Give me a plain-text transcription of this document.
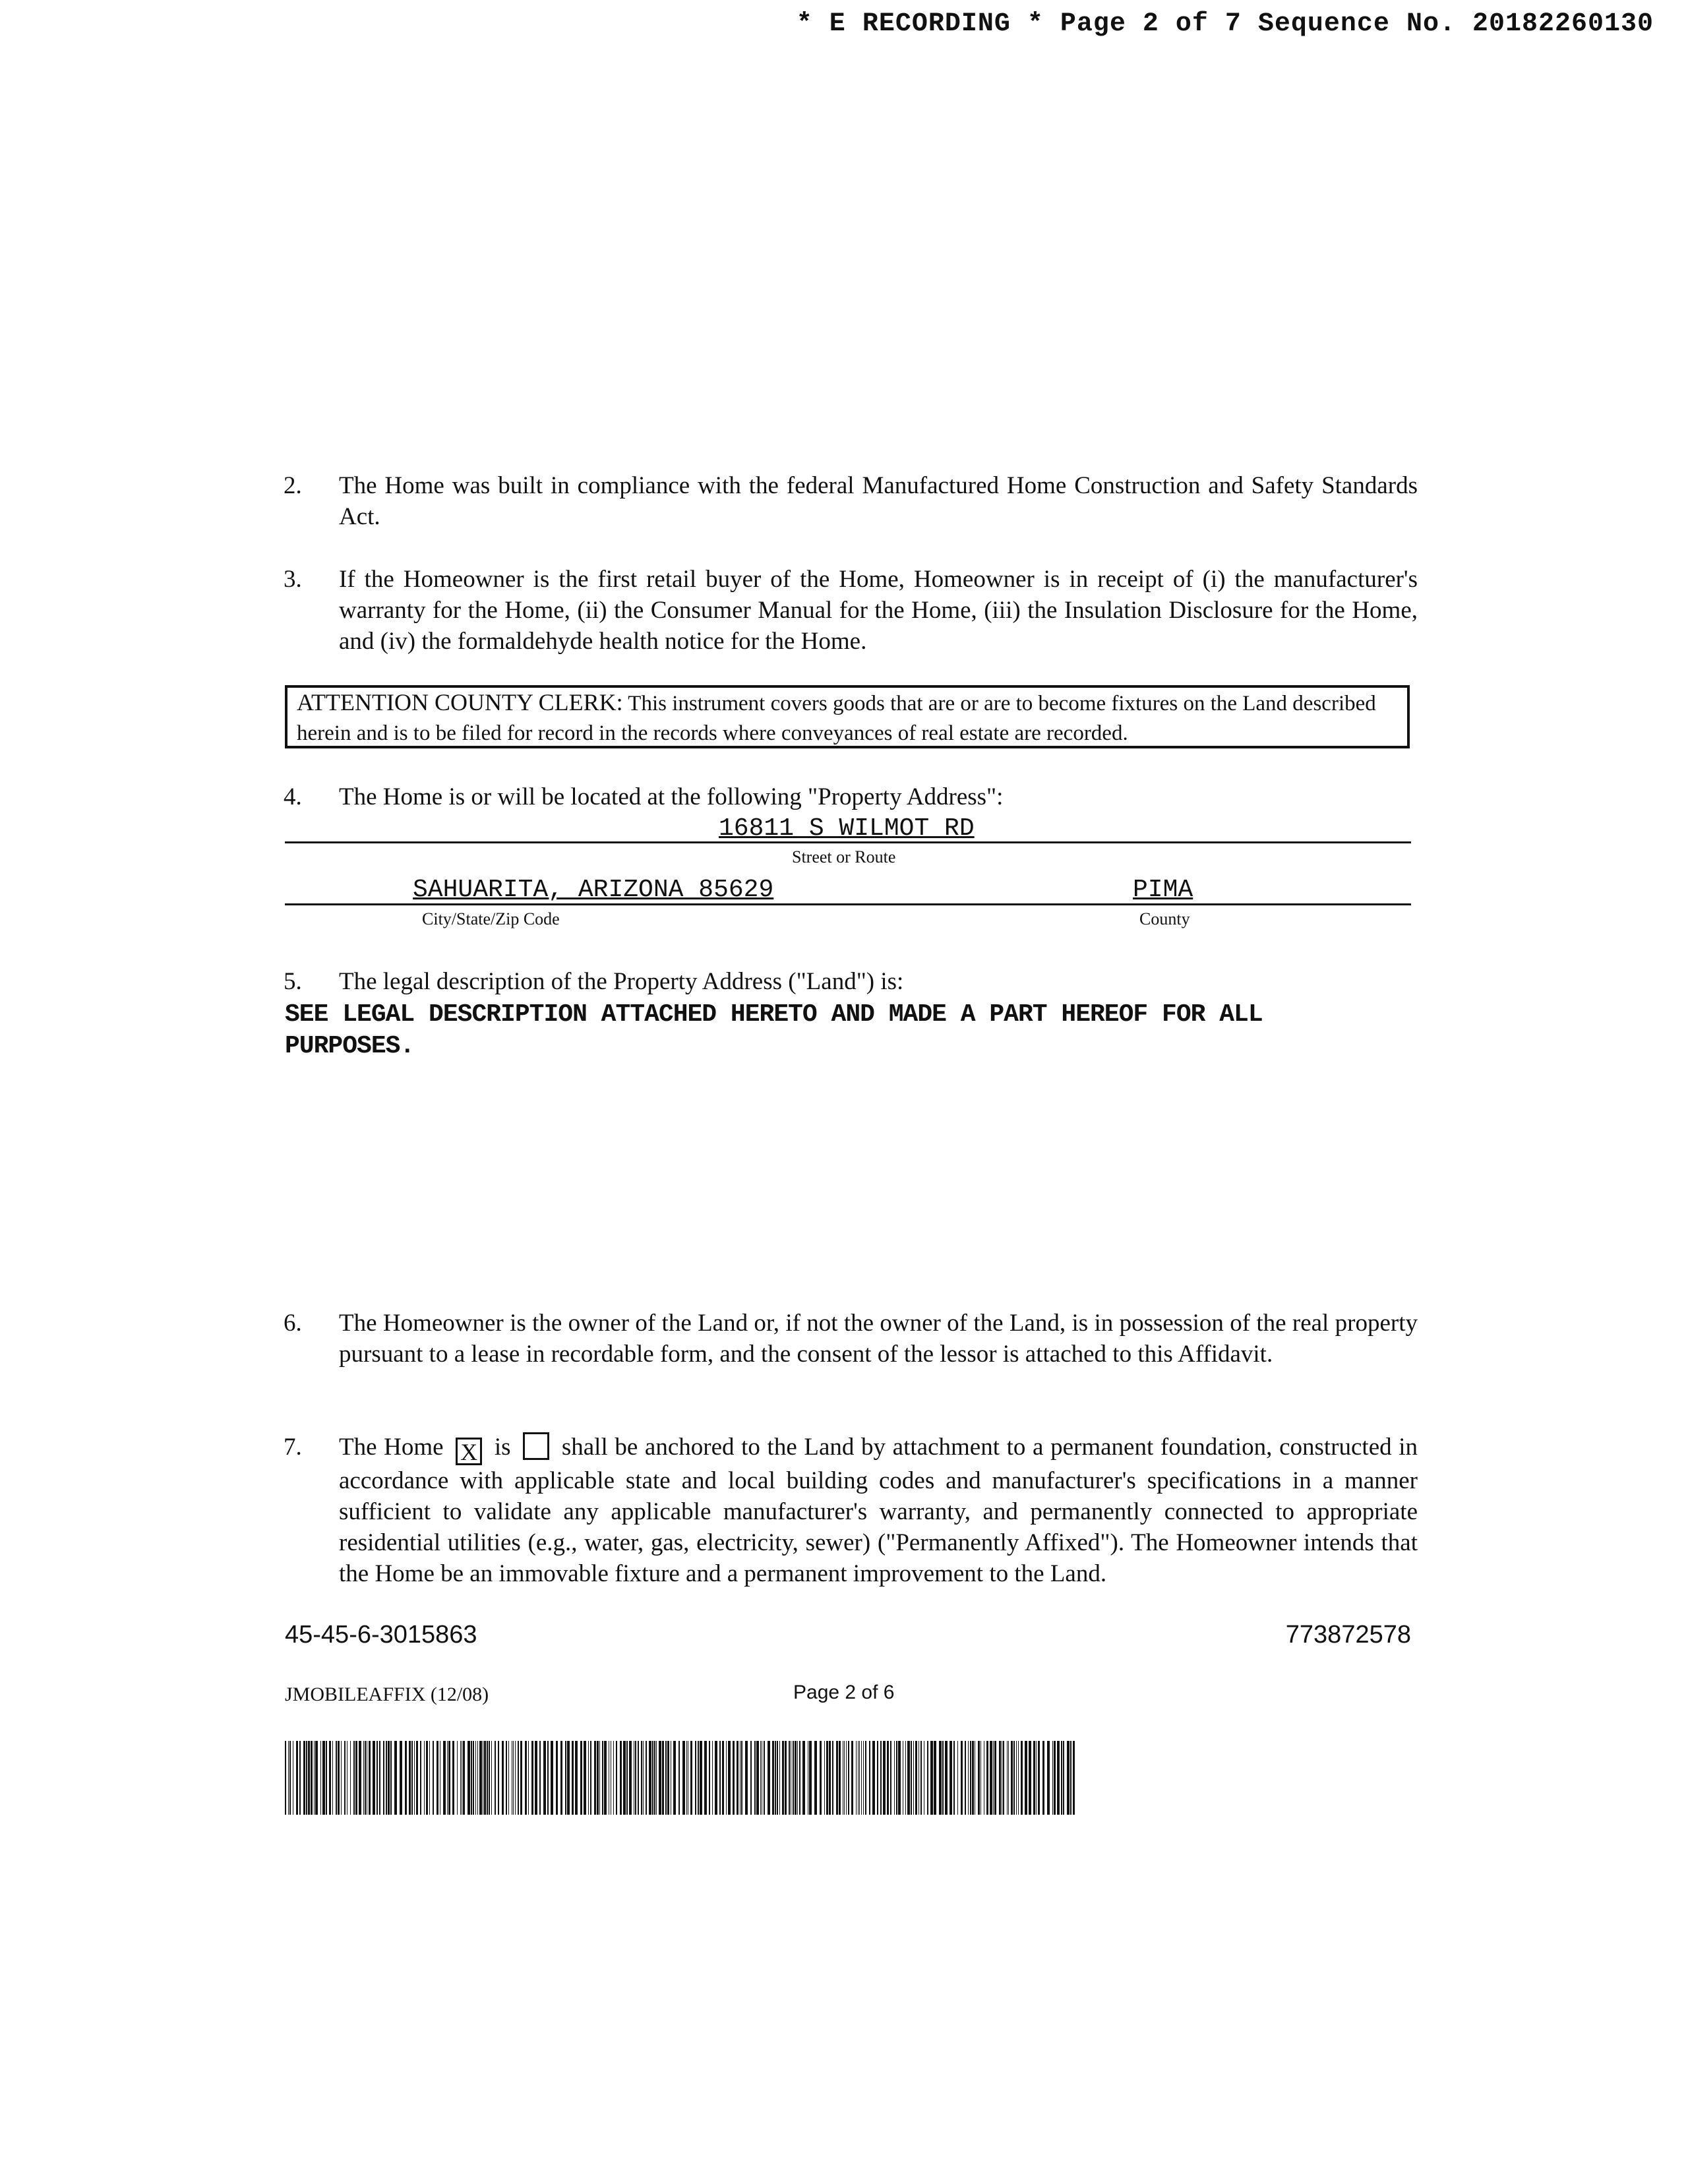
* E RECORDING * Page 2 of 7 Sequence No. 20182260130
2. The Home was built in compliance with the federal Manufactured Home Construction and Safety Standards Act.
3. If the Homeowner is the first retail buyer of the Home, Homeowner is in receipt of (i) the manufacturer's warranty for the Home, (ii) the Consumer Manual for the Home, (iii) the Insulation Disclosure for the Home, and (iv) the formaldehyde health notice for the Home.
ATTENTION COUNTY CLERK: This instrument covers goods that are or are to become fixtures on the Land described herein and is to be filed for record in the records where conveyances of real estate are recorded.
4. The Home is or will be located at the following "Property Address":
16811 S WILMOT RD
Street or Route
SAHUARITA, ARIZONA 85629	PIMA
City/State/Zip Code	County
5. The legal description of the Property Address ("Land") is:
SEE LEGAL DESCRIPTION ATTACHED HERETO AND MADE A PART HEREOF FOR ALL PURPOSES.
6. The Homeowner is the owner of the Land or, if not the owner of the Land, is in possession of the real property pursuant to a lease in recordable form, and the consent of the lessor is attached to this Affidavit.
7. The Home X is shall be anchored to the Land by attachment to a permanent foundation, constructed in accordance with applicable state and local building codes and manufacturer's specifications in a manner sufficient to validate any applicable manufacturer's warranty, and permanently connected to appropriate residential utilities (e.g., water, gas, electricity, sewer) ("Permanently Affixed"). The Homeowner intends that the Home be an immovable fixture and a permanent improvement to the Land.
45-45-6-3015863	773872578
JMOBILEAFFIX (12/08)	Page 2 of 6
